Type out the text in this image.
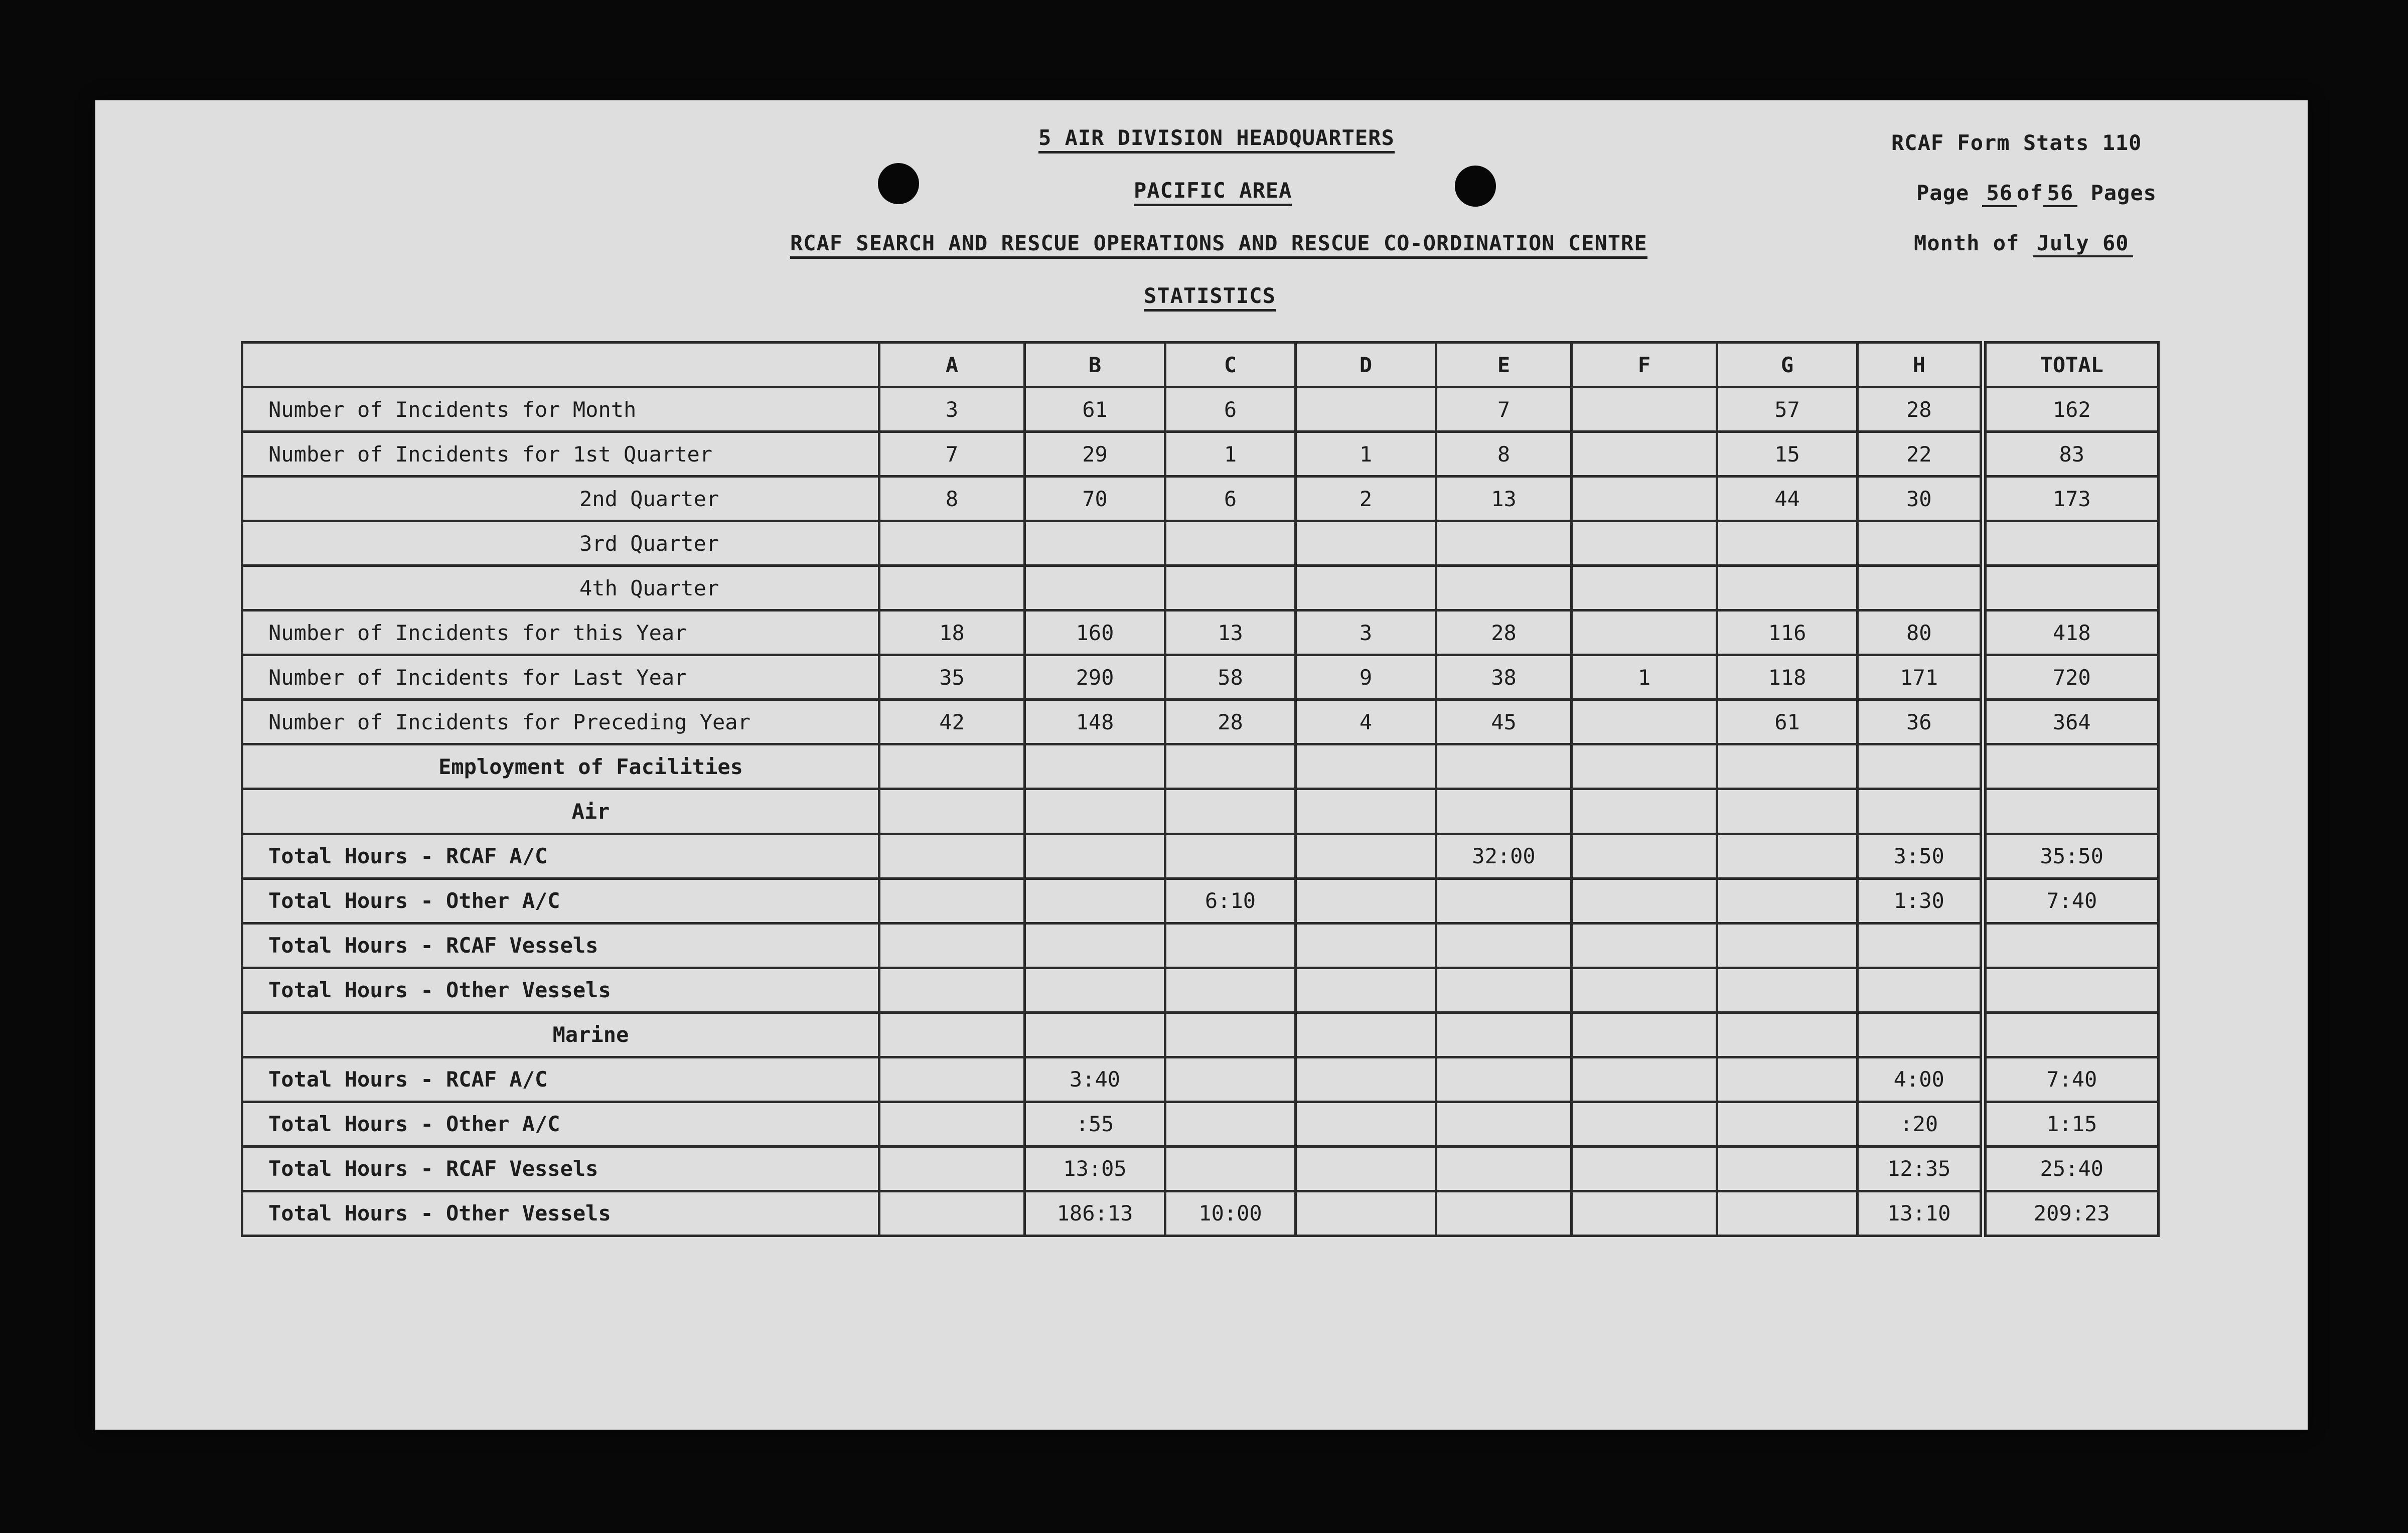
5 AIR DIVISION HEADQUARTERS
PACIFIC AREA
RCAF SEARCH AND RESCUE OPERATIONS AND RESCUE CO-ORDINATION CENTRE
STATISTICS
RCAF Form Stats 110
Page 56 of 56 Pages
Month of July 60
	A	B	C	D	E	F	G	H	TOTAL
Number of Incidents for Month	3	61	6		7		57	28	162
Number of Incidents for 1st Quarter	7	29	1	1	8		15	22	83
2nd Quarter	8	70	6	2	13		44	30	173
3rd Quarter									
4th Quarter									
Number of Incidents for this Year	18	160	13	3	28		116	80	418
Number of Incidents for Last Year	35	290	58	9	38	1	118	171	720
Number of Incidents for Preceding Year	42	148	28	4	45		61	36	364
Employment of Facilities									
Air									
Total Hours - RCAF A/C					32:00			3:50	35:50
Total Hours - Other A/C			6:10					1:30	7:40
Total Hours - RCAF Vessels									
Total Hours - Other Vessels									
Marine									
Total Hours - RCAF A/C		3:40						4:00	7:40
Total Hours - Other A/C		:55						:20	1:15
Total Hours - RCAF Vessels		13:05						12:35	25:40
Total Hours - Other Vessels		186:13	10:00					13:10	209:23
